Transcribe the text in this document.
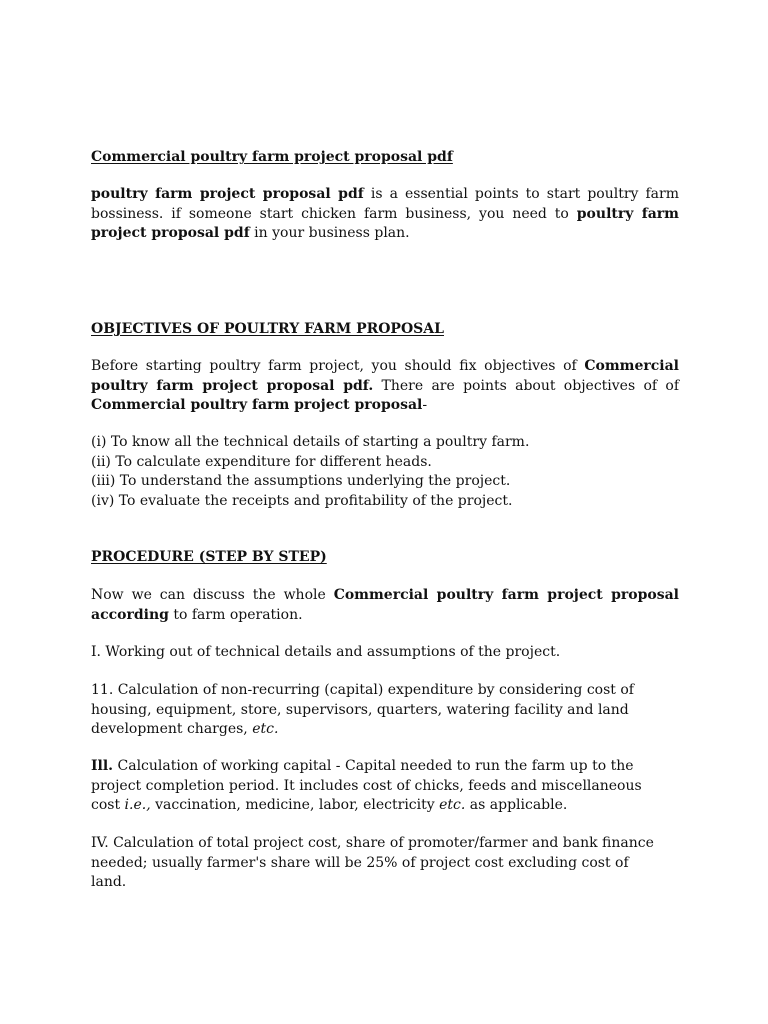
Commercial poultry farm project proposal pdf

poultry farm project proposal pdf is a essential points to start poultry farm bossiness. if someone start chicken farm business, you need to poultry farm project proposal pdf in your business plan.

OBJECTIVES OF POULTRY FARM PROPOSAL

Before starting poultry farm project, you should fix objectives of Commercial poultry farm project proposal pdf. There are points about objectives of of Commercial poultry farm project proposal-

(i) To know all the technical details of starting a poultry farm.
(ii) To calculate expenditure for different heads.
(iii) To understand the assumptions underlying the project.
(iv) To evaluate the receipts and profitability of the project.
PROCEDURE (STEP BY STEP)

Now we can discuss the whole Commercial poultry farm project proposal according to farm operation.

I. Working out of technical details and assumptions of the project.
11. Calculation of non-recurring (capital) expenditure by considering cost of
housing, equipment, store, supervisors, quarters, watering facility and land
development charges, etc.
Ill. Calculation of working capital - Capital needed to run the farm up to the
project completion period. It includes cost of chicks, feeds and miscellaneous
cost i.e., vaccination, medicine, labor, electricity etc. as applicable.
IV. Calculation of total project cost, share of promoter/farmer and bank finance
needed; usually farmer's share will be 25% of project cost excluding cost of
land.
